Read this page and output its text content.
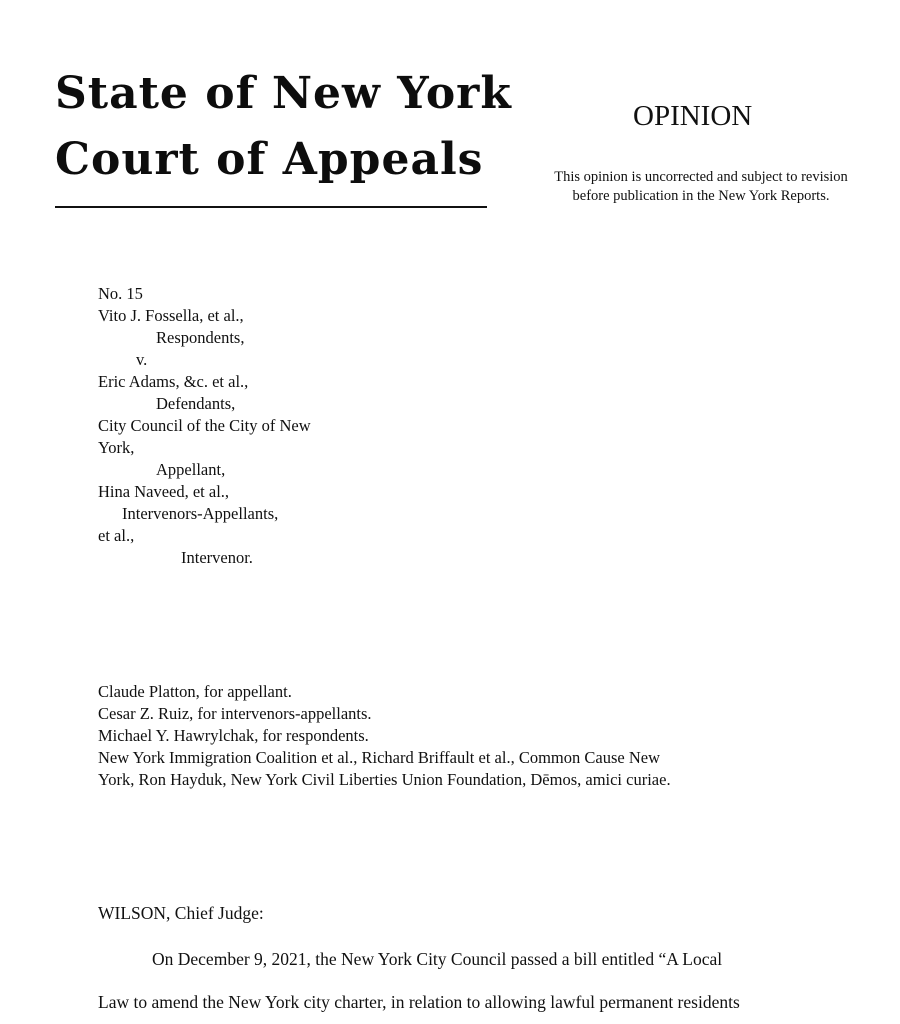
State of New York
Court of Appeals
OPINION
This opinion is uncorrected and subject to revision
before publication in the New York Reports.
No. 15
Vito J. Fossella, et al.,
Respondents,
v.
Eric Adams, &c. et al.,
Defendants,
City Council of the City of New
York,
Appellant,
Hina Naveed, et al.,
Intervenors-Appellants,
et al.,
Intervenor.
Claude Platton, for appellant.
Cesar Z. Ruiz, for intervenors-appellants.
Michael Y. Hawrylchak, for respondents.
New York Immigration Coalition et al., Richard Briffault et al., Common Cause New
York, Ron Hayduk, New York Civil Liberties Union Foundation, Dēmos, amici curiae.
WILSON, Chief Judge:
On December 9, 2021, the New York City Council passed a bill entitled “A Local
Law to amend the New York city charter, in relation to allowing lawful permanent residents
